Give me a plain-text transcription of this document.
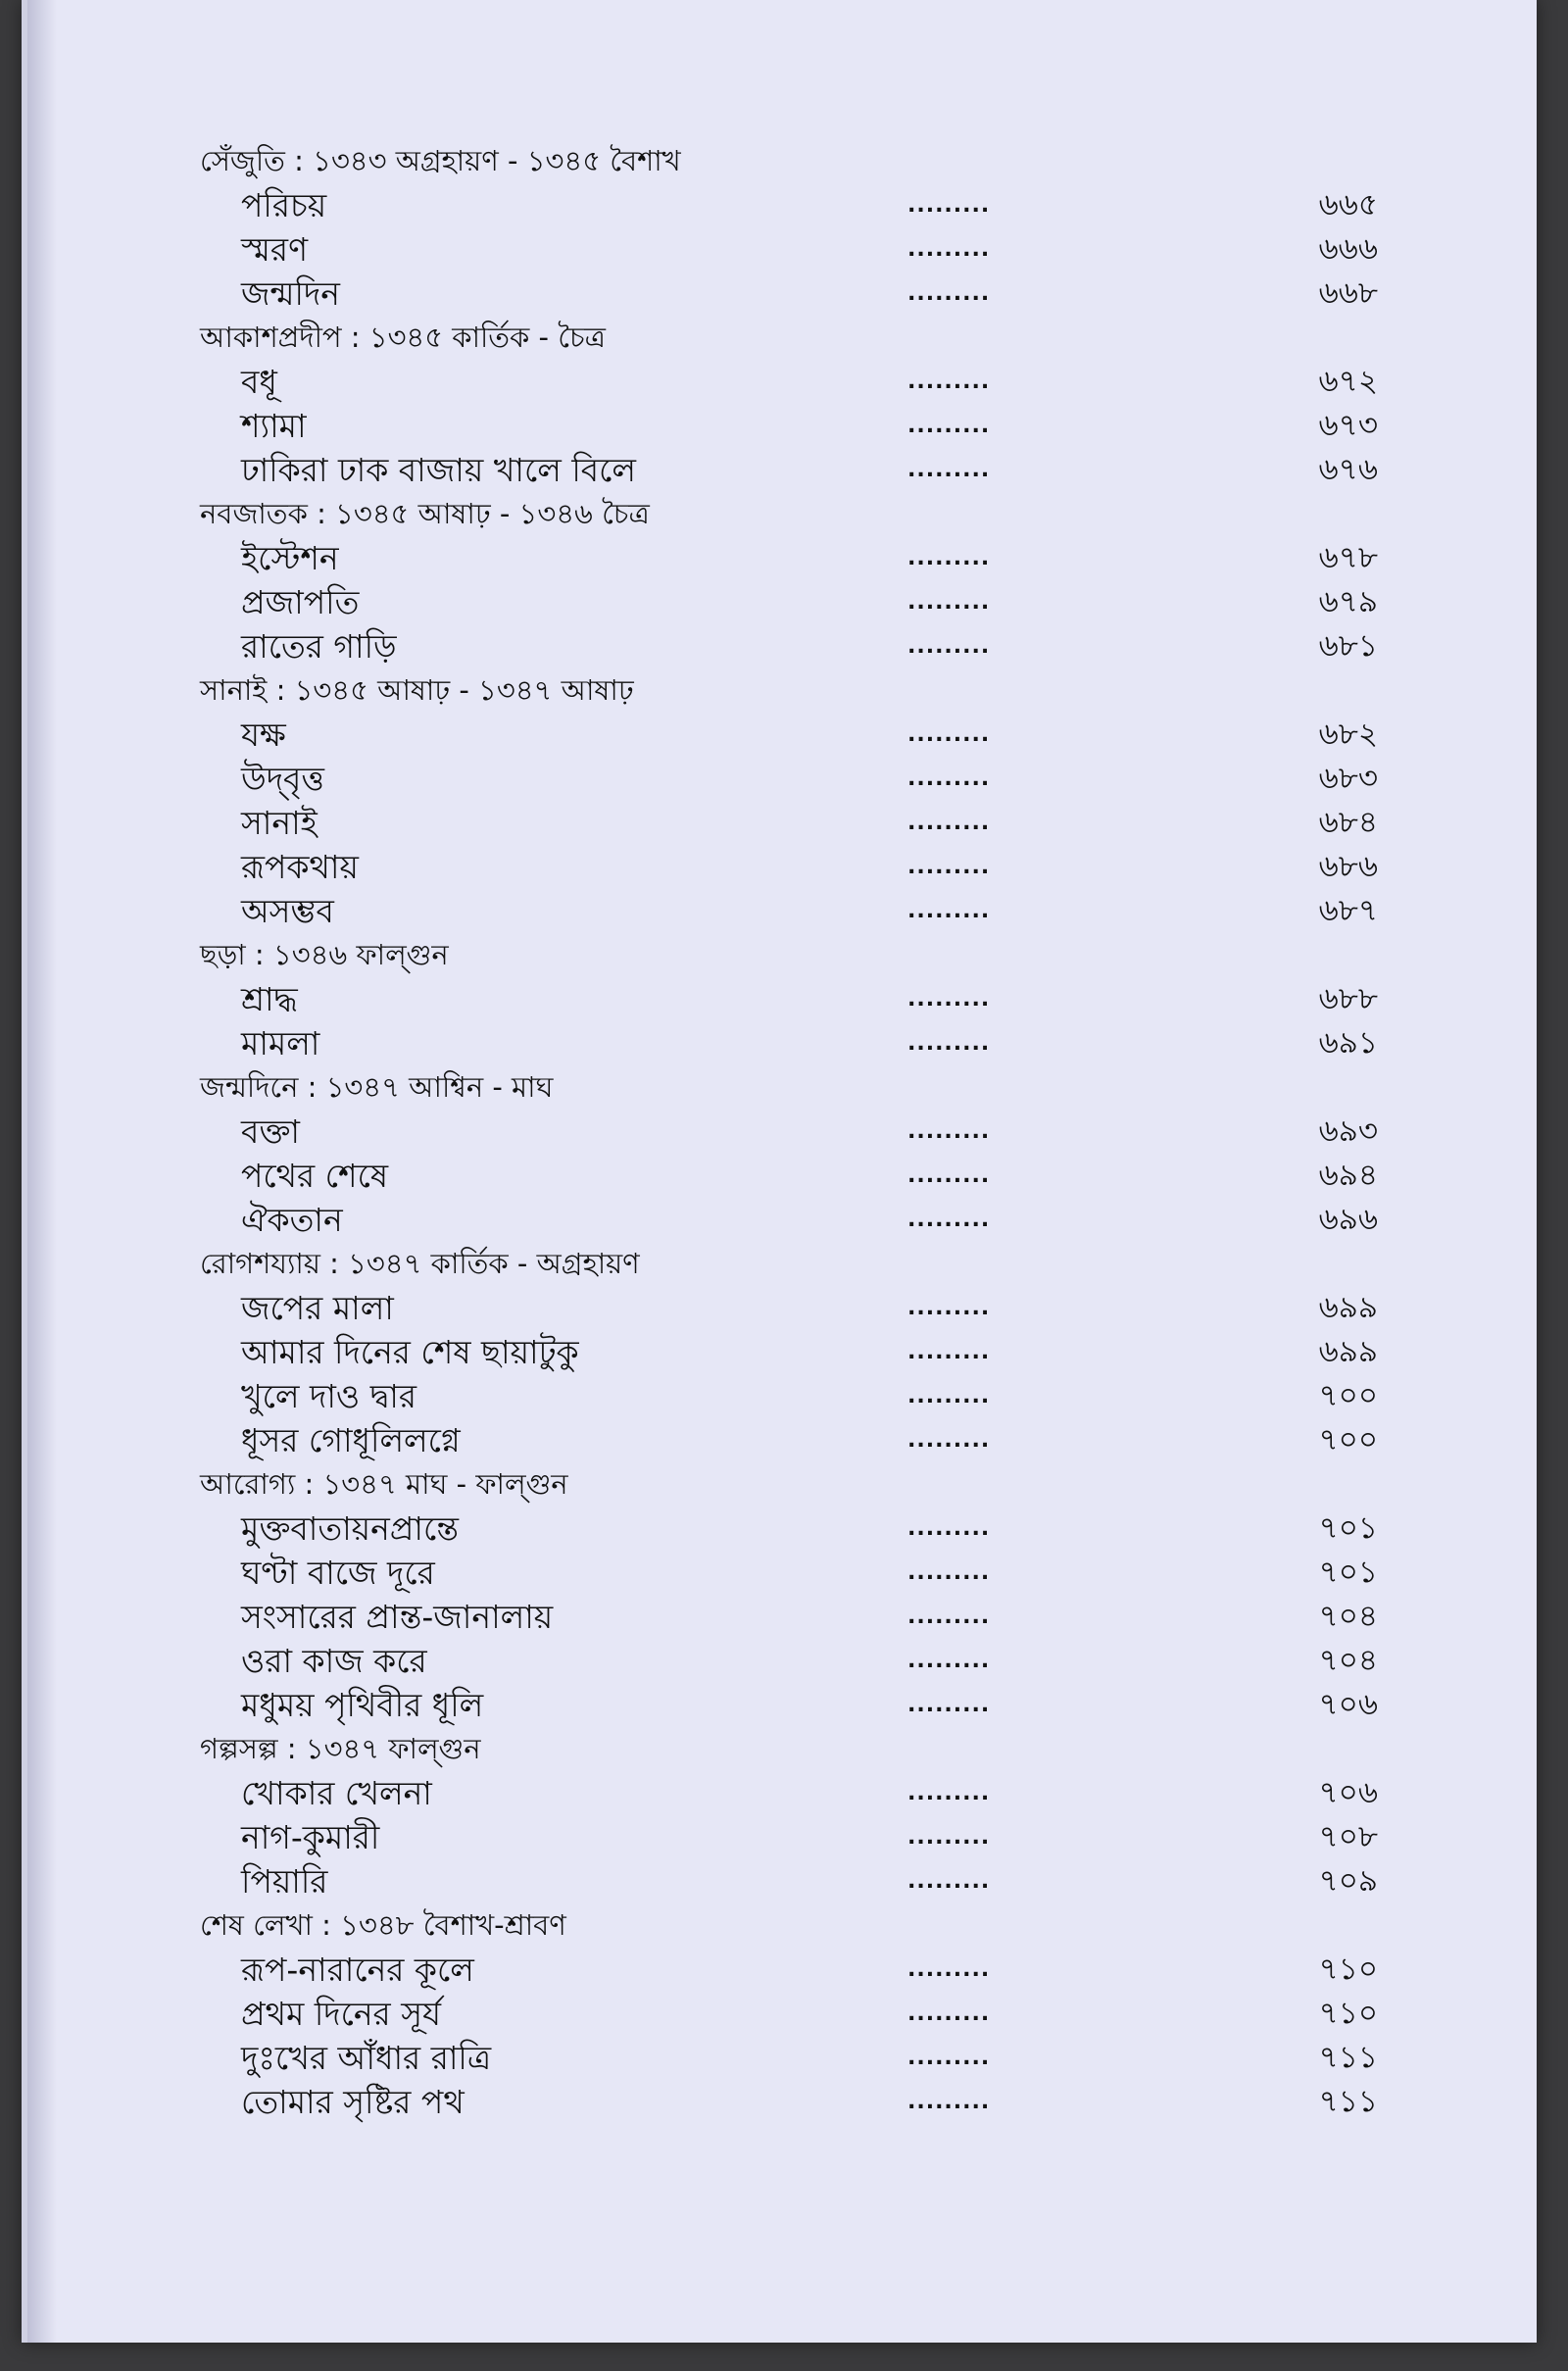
সেঁজুতি : ১৩৪৩ অগ্রহায়ণ - ১৩৪৫ বৈশাখ
পরিচয়	.........	৬৬৫
স্মরণ	.........	৬৬৬
জন্মদিন	.........	৬৬৮
আকাশপ্রদীপ : ১৩৪৫ কার্তিক - চৈত্র
বধূ	.........	৬৭২
শ্যামা	.........	৬৭৩
ঢাকিরা ঢাক বাজায় খালে বিলে	.........	৬৭৬
নবজাতক : ১৩৪৫ আষাঢ় - ১৩৪৬ চৈত্র
ইস্টেশন	.........	৬৭৮
প্রজাপতি	.........	৬৭৯
রাতের গাড়ি	.........	৬৮১
সানাই : ১৩৪৫ আষাঢ় - ১৩৪৭ আষাঢ়
যক্ষ	.........	৬৮২
উদ্‌বৃত্ত	.........	৬৮৩
সানাই	.........	৬৮৪
রূপকথায়	.........	৬৮৬
অসম্ভব	.........	৬৮৭
ছড়া : ১৩৪৬ ফাল্গুন
শ্রাদ্ধ	.........	৬৮৮
মামলা	.........	৬৯১
জন্মদিনে : ১৩৪৭ আশ্বিন - মাঘ
বক্তা	.........	৬৯৩
পথের শেষে	.........	৬৯৪
ঐকতান	.........	৬৯৬
রোগশয্যায় : ১৩৪৭ কার্তিক - অগ্রহায়ণ
জপের মালা	.........	৬৯৯
আমার দিনের শেষ ছায়াটুকু	.........	৬৯৯
খুলে দাও দ্বার	.........	৭০০
ধূসর গোধূলিলগ্নে	.........	৭০০
আরোগ্য : ১৩৪৭ মাঘ - ফাল্গুন
মুক্তবাতায়নপ্রান্তে	.........	৭০১
ঘণ্টা বাজে দূরে	.........	৭০১
সংসারের প্রান্ত-জানালায়	.........	৭০৪
ওরা কাজ করে	.........	৭০৪
মধুময় পৃথিবীর ধূলি	.........	৭০৬
গল্পসল্প : ১৩৪৭ ফাল্গুন
খোকার খেলনা	.........	৭০৬
নাগ-কুমারী	.........	৭০৮
পিয়ারি	.........	৭০৯
শেষ লেখা : ১৩৪৮ বৈশাখ-শ্রাবণ
রূপ-নারানের কূলে	.........	৭১০
প্রথম দিনের সূর্য	.........	৭১০
দুঃখের আঁধার রাত্রি	.........	৭১১
তোমার সৃষ্টির পথ	.........	৭১১
